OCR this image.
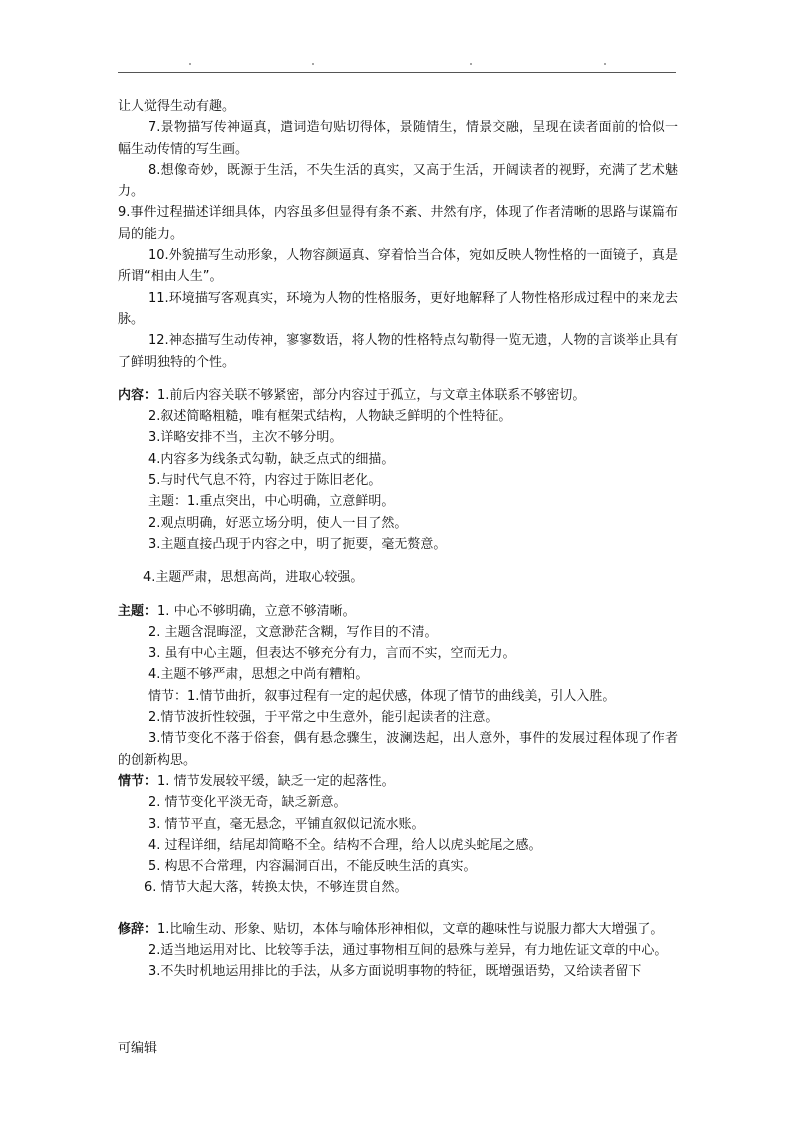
让人觉得生动有趣。

7.景物描写传神逼真，遣词造句贴切得体，景随情生，情景交融，呈现在读者面前的恰似一幅生动传情的写生画。

8.想像奇妙，既源于生活，不失生活的真实，又高于生活，开阔读者的视野，充满了艺术魅力。

9.事件过程描述详细具体，内容虽多但显得有条不紊、井然有序，体现了作者清晰的思路与谋篇布局的能力。

10.外貌描写生动形象，人物容颜逼真、穿着恰当合体，宛如反映人物性格的一面镜子，真是所谓“相由人生”。

11.环境描写客观真实，环境为人物的性格服务，更好地解释了人物性格形成过程中的来龙去脉。

12.神态描写生动传神，寥寥数语，将人物的性格特点勾勒得一览无遗，人物的言谈举止具有了鲜明独特的个性。

内容：1.前后内容关联不够紧密，部分内容过于孤立，与文章主体联系不够密切。

2.叙述简略粗糙，唯有框架式结构，人物缺乏鲜明的个性特征。

3.详略安排不当，主次不够分明。

4.内容多为线条式勾勒，缺乏点式的细描。

5.与时代气息不符，内容过于陈旧老化。

主题：1.重点突出，中心明确，立意鲜明。

2.观点明确，好恶立场分明，使人一目了然。

3.主题直接凸现于内容之中，明了扼要，毫无赘意。

4.主题严肃，思想高尚，进取心较强。

主题：1. 中心不够明确，立意不够清晰。

2. 主题含混晦涩，文意渺茫含糊，写作目的不清。

3. 虽有中心主题，但表达不够充分有力，言而不实，空而无力。

4.主题不够严肃，思想之中尚有糟粕。

情节：1.情节曲折，叙事过程有一定的起伏感，体现了情节的曲线美，引人入胜。

2.情节波折性较强，于平常之中生意外，能引起读者的注意。

3.情节变化不落于俗套，偶有悬念骤生，波澜迭起，出人意外，事件的发展过程体现了作者的创新构思。

情节：1. 情节发展较平缓，缺乏一定的起落性。

2. 情节变化平淡无奇，缺乏新意。

3. 情节平直，毫无悬念，平铺直叙似记流水账。

4. 过程详细，结尾却简略不全。结构不合理，给人以虎头蛇尾之感。

5. 构思不合常理，内容漏洞百出，不能反映生活的真实。

6. 情节大起大落，转换太快，不够连贯自然。

修辞：1.比喻生动、形象、贴切，本体与喻体形神相似，文章的趣味性与说服力都大大增强了。

2.适当地运用对比、比较等手法，通过事物相互间的悬殊与差异，有力地佐证文章的中心。

3.不失时机地运用排比的手法，从多方面说明事物的特征，既增强语势，又给读者留下

可编辑
